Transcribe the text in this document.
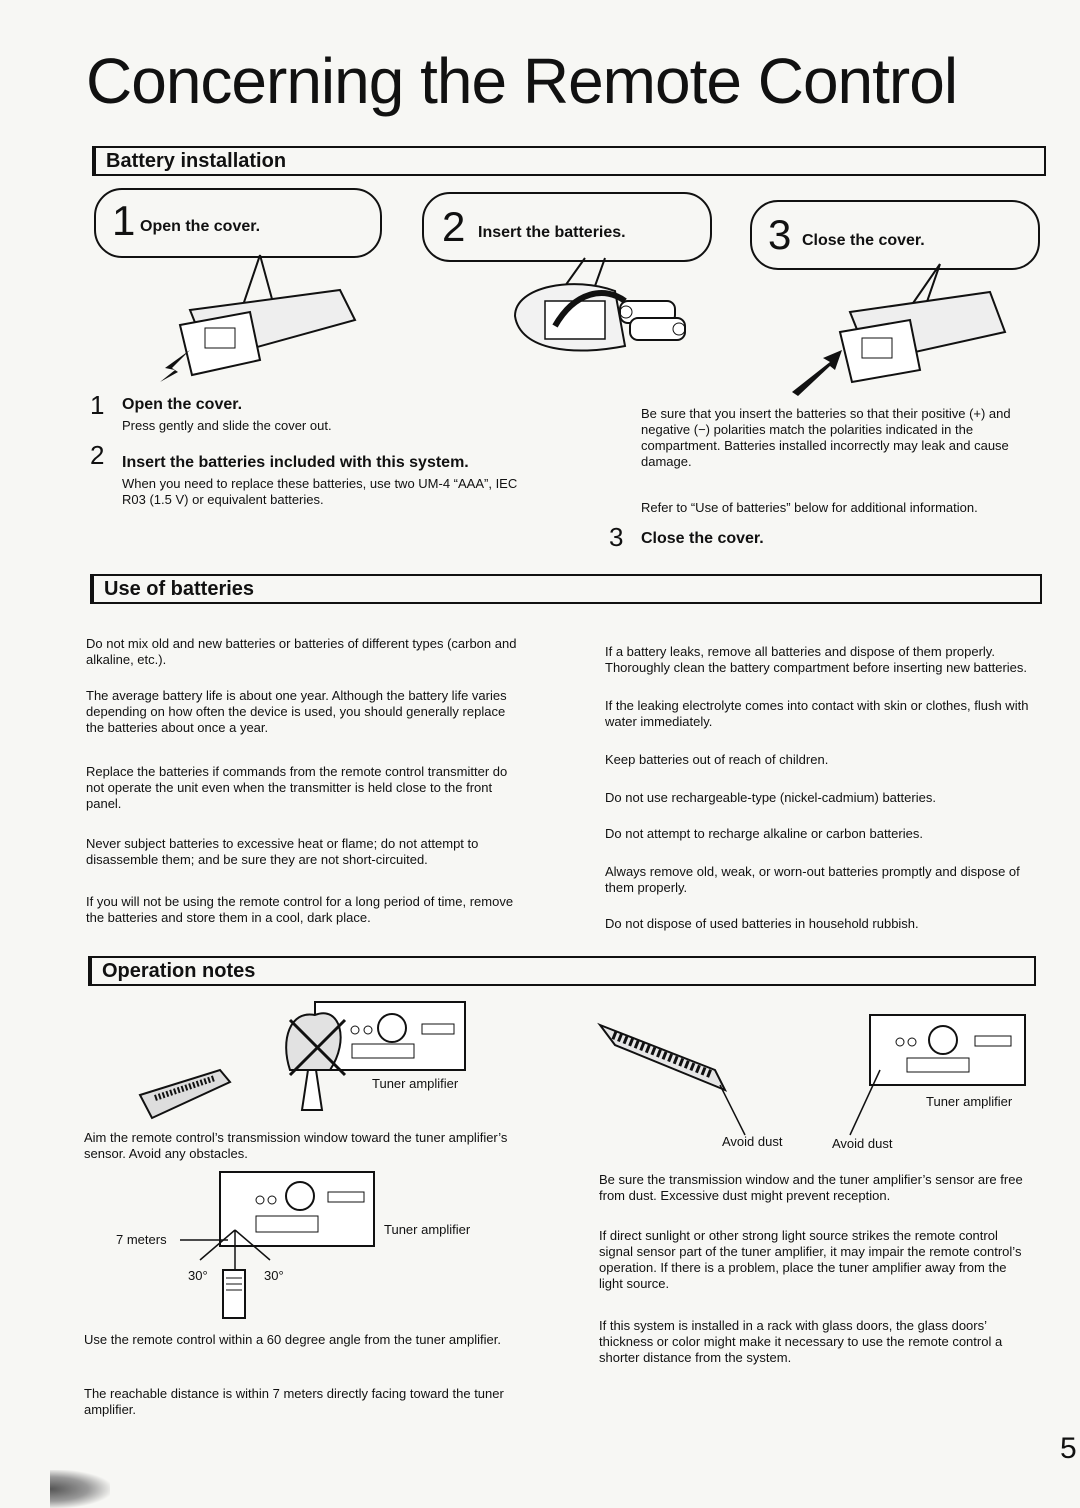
Concerning the Remote Control
Battery installation
1 Open the cover.	2 Insert the batteries.	3 Close the cover.
1 Open the cover.
Press gently and slide the cover out.
2 Insert the batteries included with this system.
When you need to replace these batteries, use two UM-4 “AAA”, IEC R03 (1.5 V) or equivalent batteries.
Be sure that you insert the batteries so that their positive (+) and negative (−) polarities match the polarities indicated in the compartment. Batteries installed incorrectly may leak and cause damage.
Refer to “Use of batteries” below for additional information.
3 Close the cover.
Use of batteries
Do not mix old and new batteries or batteries of different types (carbon and alkaline, etc.).
The average battery life is about one year. Although the battery life varies depending on how often the device is used, you should generally replace the batteries about once a year.
Replace the batteries if commands from the remote control transmitter do not operate the unit even when the transmitter is held close to the front panel.
Never subject batteries to excessive heat or flame; do not attempt to disassemble them; and be sure they are not short-circuited.
If you will not be using the remote control for a long period of time, remove the batteries and store them in a cool, dark place.
If a battery leaks, remove all batteries and dispose of them properly. Thoroughly clean the battery compartment before inserting new batteries.
If the leaking electrolyte comes into contact with skin or clothes, flush with water immediately.
Keep batteries out of reach of children.
Do not use rechargeable-type (nickel-cadmium) batteries.
Do not attempt to recharge alkaline or carbon batteries.
Always remove old, weak, or worn-out batteries promptly and dispose of them properly.
Do not dispose of used batteries in household rubbish.
Operation notes
Tuner amplifier
Aim the remote control’s transmission window toward the tuner amplifier’s sensor. Avoid any obstacles.
7 meters
30°	30°
Tuner amplifier
Use the remote control within a 60 degree angle from the tuner amplifier.
The reachable distance is within 7 meters directly facing toward the tuner amplifier.
Tuner amplifier
Avoid dust	Avoid dust
Be sure the transmission window and the tuner amplifier’s sensor are free from dust. Excessive dust might prevent reception.
If direct sunlight or other strong light source strikes the remote control signal sensor part of the tuner amplifier, it may impair the remote control’s operation. If there is a problem, place the tuner amplifier away from the light source.
If this system is installed in a rack with glass doors, the glass doors’ thickness or color might make it necessary to use the remote control a shorter distance from the system.
5
